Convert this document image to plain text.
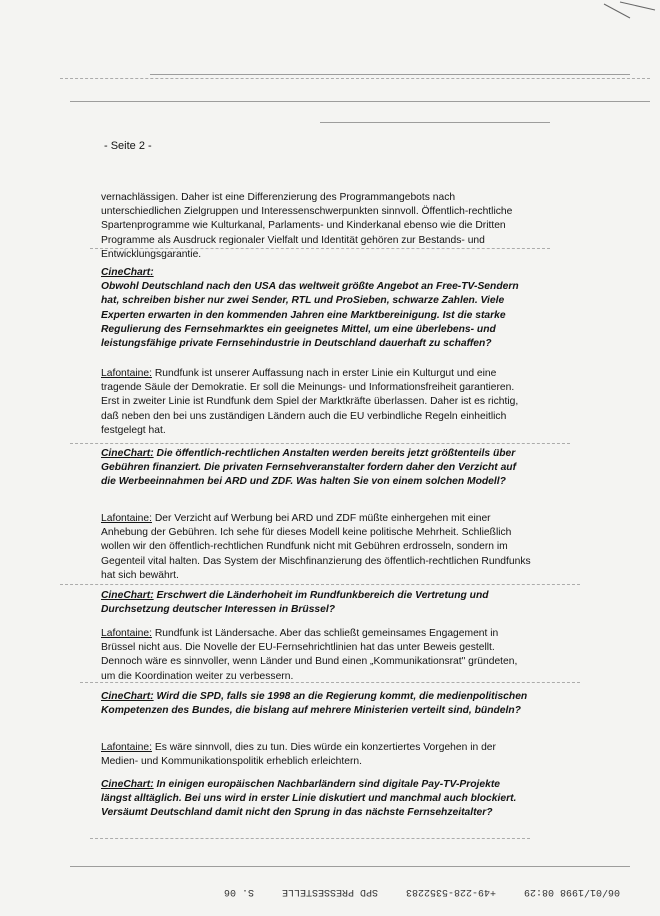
- Seite 2 -
vernachlässigen. Daher ist eine Differenzierung des Programmangebots nach unterschiedlichen Zielgruppen und Interessenschwerpunkten sinnvoll. Öffentlich-rechtliche Spartenprogramme wie Kulturkanal, Parlaments- und Kinderkanal ebenso wie die Dritten Programme als Ausdruck regionaler Vielfalt und Identität gehören zur Bestands- und Entwicklungsgarantie.
CineChart:
Obwohl Deutschland nach den USA das weltweit größte Angebot an Free-TV-Sendern hat, schreiben bisher nur zwei Sender, RTL und ProSieben, schwarze Zahlen. Viele Experten erwarten in den kommenden Jahren eine Marktbereinigung. Ist die starke Regulierung des Fernsehmarktes ein geeignetes Mittel, um eine überlebens- und leistungsfähige private Fernsehindustrie in Deutschland dauerhaft zu schaffen?
Lafontaine: Rundfunk ist unserer Auffassung nach in erster Linie ein Kulturgut und eine tragende Säule der Demokratie. Er soll die Meinungs- und Informationsfreiheit garantieren. Erst in zweiter Linie ist Rundfunk dem Spiel der Marktkräfte überlassen. Daher ist es richtig, daß neben den bei uns zuständigen Ländern auch die EU verbindliche Regeln einheitlich festgelegt hat.
CineChart: Die öffentlich-rechtlichen Anstalten werden bereits jetzt größtenteils über Gebühren finanziert. Die privaten Fernsehveranstalter fordern daher den Verzicht auf die Werbeeinnahmen bei ARD und ZDF. Was halten Sie von einem solchen Modell?
Lafontaine: Der Verzicht auf Werbung bei ARD und ZDF müßte einhergehen mit einer Anhebung der Gebühren. Ich sehe für dieses Modell keine politische Mehrheit. Schließlich wollen wir den öffentlich-rechtlichen Rundfunk nicht mit Gebühren erdrosseln, sondern im Gegenteil vital halten. Das System der Mischfinanzierung des öffentlich-rechtlichen Rundfunks hat sich bewährt.
CineChart: Erschwert die Länderhoheit im Rundfunkbereich die Vertretung und Durchsetzung deutscher Interessen in Brüssel?
Lafontaine: Rundfunk ist Ländersache. Aber das schließt gemeinsames Engagement in Brüssel nicht aus. Die Novelle der EU-Fernsehrichtlinien hat das unter Beweis gestellt. Dennoch wäre es sinnvoller, wenn Länder und Bund einen „Kommunikationsrat" gründeten, um die Koordination weiter zu verbessern.
CineChart: Wird die SPD, falls sie 1998 an die Regierung kommt, die medienpolitischen Kompetenzen des Bundes, die bislang auf mehrere Ministerien verteilt sind, bündeln?
Lafontaine: Es wäre sinnvoll, dies zu tun. Dies würde ein konzertiertes Vorgehen in der Medien- und Kommunikationspolitik erheblich erleichtern.
CineChart: In einigen europäischen Nachbarländern sind digitale Pay-TV-Projekte längst alltäglich. Bei uns wird in erster Linie diskutiert und manchmal auch blockiert. Versäumt Deutschland damit nicht den Sprung in das nächste Fernsehzeitalter?
06/01/1998 08:29
+49-228-5352283
SPD PRESSESTELLE
S. 06
